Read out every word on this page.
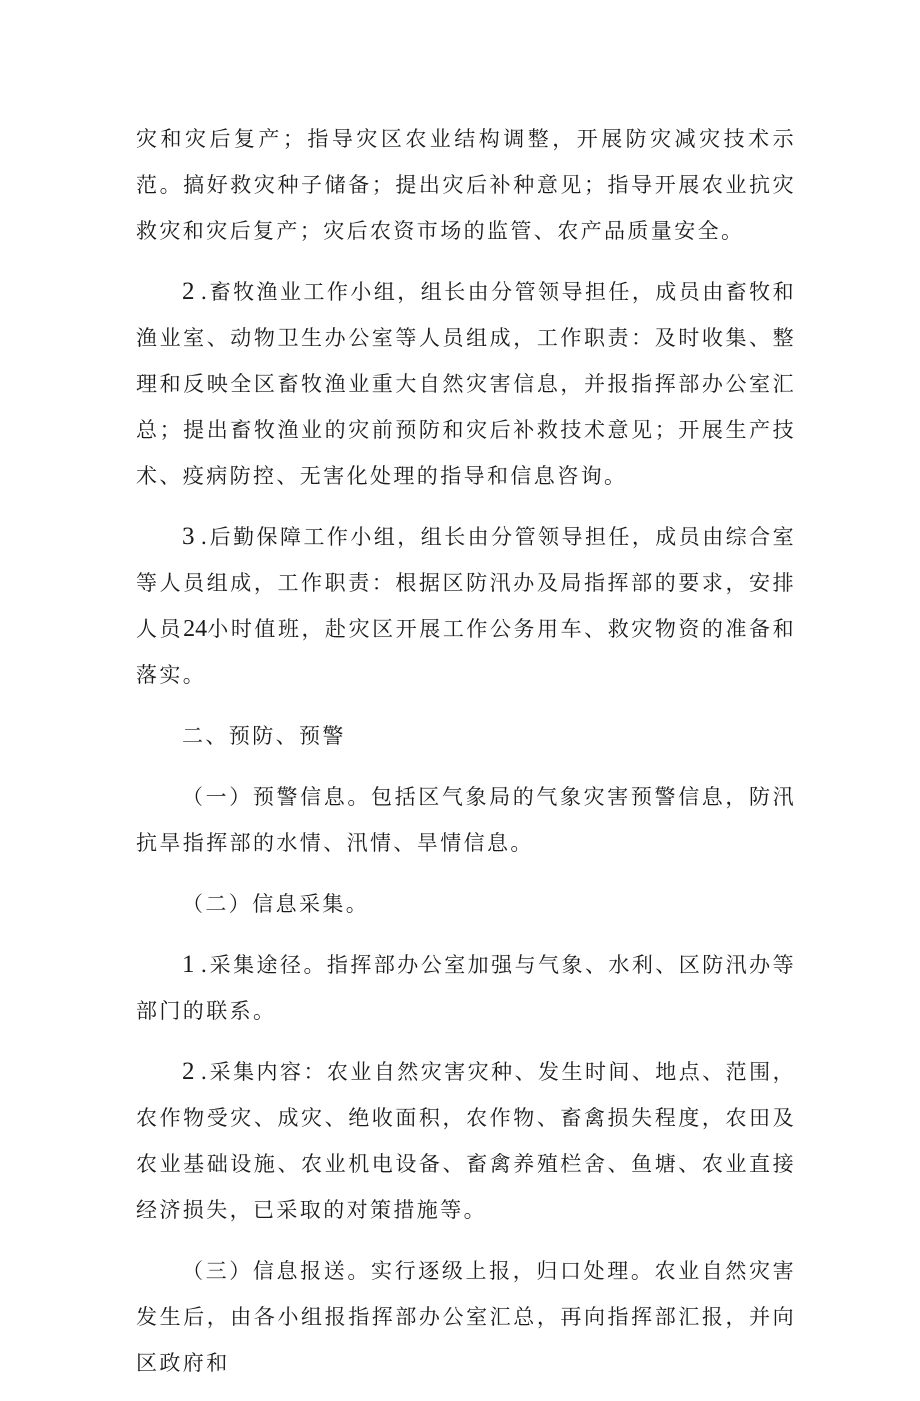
灾和灾后复产；指导灾区农业结构调整，开展防灾减灾技术示范。搞好救灾种子储备；提出灾后补种意见；指导开展农业抗灾救灾和灾后复产；灾后农资市场的监管、农产品质量安全。

2 .畜牧渔业工作小组，组长由分管领导担任，成员由畜牧和渔业室、动物卫生办公室等人员组成，工作职责：及时收集、整理和反映全区畜牧渔业重大自然灾害信息，并报指挥部办公室汇总；提出畜牧渔业的灾前预防和灾后补救技术意见；开展生产技术、疫病防控、无害化处理的指导和信息咨询。

3 .后勤保障工作小组，组长由分管领导担任，成员由综合室等人员组成，工作职责：根据区防汛办及局指挥部的要求，安排人员24小时值班，赴灾区开展工作公务用车、救灾物资的准备和落实。

二、预防、预警

（一）预警信息。包括区气象局的气象灾害预警信息，防汛抗旱指挥部的水情、汛情、旱情信息。

（二）信息采集。

1 .采集途径。指挥部办公室加强与气象、水利、区防汛办等部门的联系。

2 .采集内容：农业自然灾害灾种、发生时间、地点、范围，农作物受灾、成灾、绝收面积，农作物、畜禽损失程度，农田及农业基础设施、农业机电设备、畜禽养殖栏舍、鱼塘、农业直接经济损失，已采取的对策措施等。

（三）信息报送。实行逐级上报，归口处理。农业自然灾害发生后，由各小组报指挥部办公室汇总，再向指挥部汇报，并向区政府和
